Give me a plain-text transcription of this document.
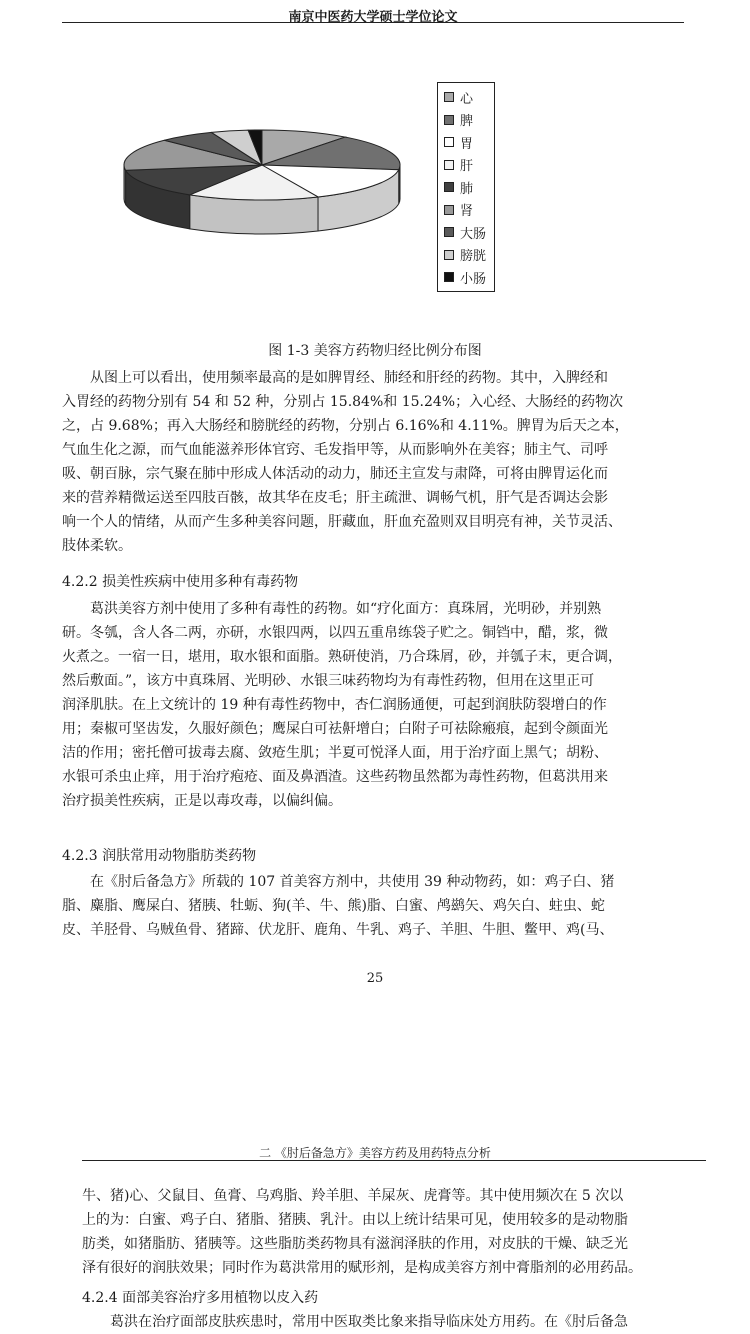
南京中医药大学硕士学位论文
心
脾
胃
肝
肺
肾
大肠
膀胱
小肠
图 1-3 美容方药物归经比例分布图
从图上可以看出，使用频率最高的是如脾胃经、肺经和肝经的药物。其中，入脾经和
入胃经的药物分别有 54 和 52 种，分别占 15.84%和 15.24%；入心经、大肠经的药物次
之，占 9.68%；再入大肠经和膀胱经的药物，分别占 6.16%和 4.11%。脾胃为后天之本，
气血生化之源，而气血能滋养形体官窍、毛发指甲等，从而影响外在美容；肺主气、司呼
吸、朝百脉，宗气聚在肺中形成人体活动的动力，肺还主宣发与肃降，可将由脾胃运化而
来的营养精微运送至四肢百骸，故其华在皮毛；肝主疏泄、调畅气机，肝气是否调达会影
响一个人的情绪，从而产生多种美容问题，肝藏血，肝血充盈则双目明亮有神，关节灵活、
肢体柔软。
4.2.2 损美性疾病中使用多种有毒药物
葛洪美容方剂中使用了多种有毒性的药物。如“疗化面方：真珠屑，光明砂，并别熟
研。冬瓠，含人各二两，亦研，水银四两，以四五重帛练袋子贮之。铜铛中，醋，浆，微
火煮之。一宿一日，堪用，取水银和面脂。熟研使消，乃合珠屑，砂，并瓠子末，更合调，
然后敷面。”，该方中真珠屑、光明砂、水银三味药物均为有毒性药物，但用在这里正可
润泽肌肤。在上文统计的 19 种有毒性药物中，杏仁润肠通便，可起到润肤防裂增白的作
用；秦椒可坚齿发，久服好颜色；鹰屎白可祛鼾增白；白附子可祛除瘢痕，起到令颜面光
洁的作用；密托僧可拔毒去腐、敛疮生肌；半夏可悦泽人面，用于治疗面上黑气；胡粉、
水银可杀虫止痒，用于治疗疱疮、面及鼻酒渣。这些药物虽然都为毒性药物，但葛洪用来
治疗损美性疾病，正是以毒攻毒，以偏纠偏。
4.2.3 润肤常用动物脂肪类药物
在《肘后备急方》所载的 107 首美容方剂中，共使用 39 种动物药，如：鸡子白、猪
脂、麋脂、鹰屎白、猪胰、牡蛎、狗(羊、牛、熊)脂、白蜜、鸬鹚矢、鸡矢白、蛀虫、蛇
皮、羊胫骨、乌贼鱼骨、猪蹄、伏龙肝、鹿角、牛乳、鸡子、羊胆、牛胆、鳖甲、鸡(马、
25
二 《肘后备急方》美容方药及用药特点分析
牛、猪)心、父鼠目、鱼膏、乌鸡脂、羚羊胆、羊屎灰、虎膏等。其中使用频次在 5 次以
上的为：白蜜、鸡子白、猪脂、猪胰、乳汁。由以上统计结果可见，使用较多的是动物脂
肪类，如猪脂肪、猪胰等。这些脂肪类药物具有滋润泽肤的作用，对皮肤的干燥、缺乏光
泽有很好的润肤效果；同时作为葛洪常用的赋形剂，是构成美容方剂中膏脂剂的必用药品。
4.2.4 面部美容治疗多用植物以皮入药
葛洪在治疗面部皮肤疾患时，常用中医取类比象来指导临床处方用药。在《肘后备急
